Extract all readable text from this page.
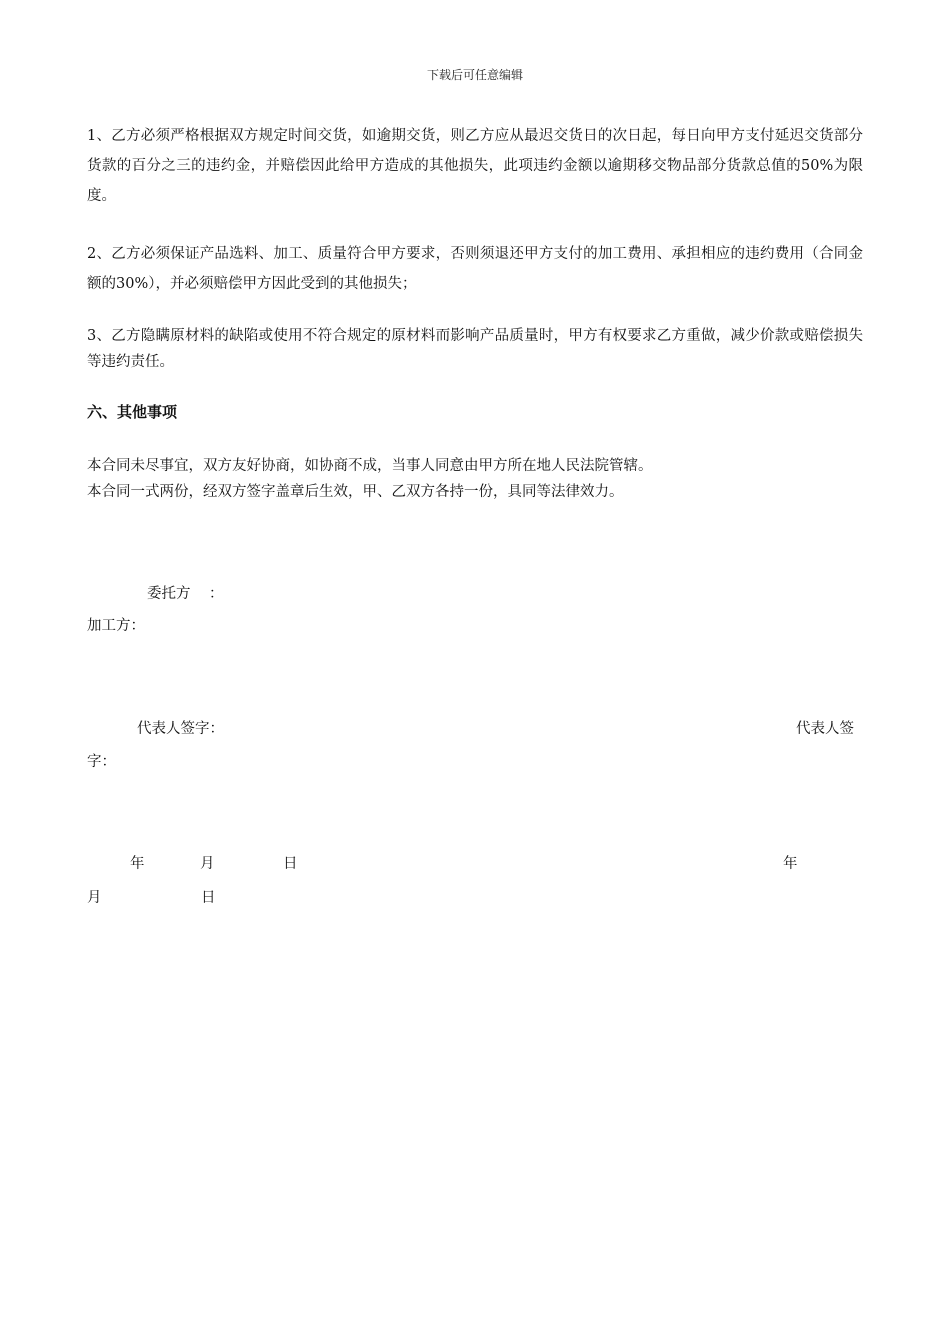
下载后可任意编辑

1、乙方必须严格根据双方规定时间交货，如逾期交货，则乙方应从最迟交货日的次日起，每日向甲方支付延迟交货部分货款的百分之三的违约金，并赔偿因此给甲方造成的其他损失，此项违约金额以逾期移交物品部分货款总值的50%为限度。

2、乙方必须保证产品选料、加工、质量符合甲方要求，否则须退还甲方支付的加工费用、承担相应的违约费用（合同金额的30%），并必须赔偿甲方因此受到的其他损失；

3、乙方隐瞒原材料的缺陷或使用不符合规定的原材料而影响产品质量时，甲方有权要求乙方重做，减少价款或赔偿损失等违约责任。

六、其他事项
本合同未尽事宜，双方友好协商，如协商不成，当事人同意由甲方所在地人民法院管辖。
本合同一式两份，经双方签字盖章后生效，甲、乙双方各持一份，具同等法律效力。
委托方 ：
加工方：
代表人签字：	代表人签
字：
年	月	日	年
月	日
